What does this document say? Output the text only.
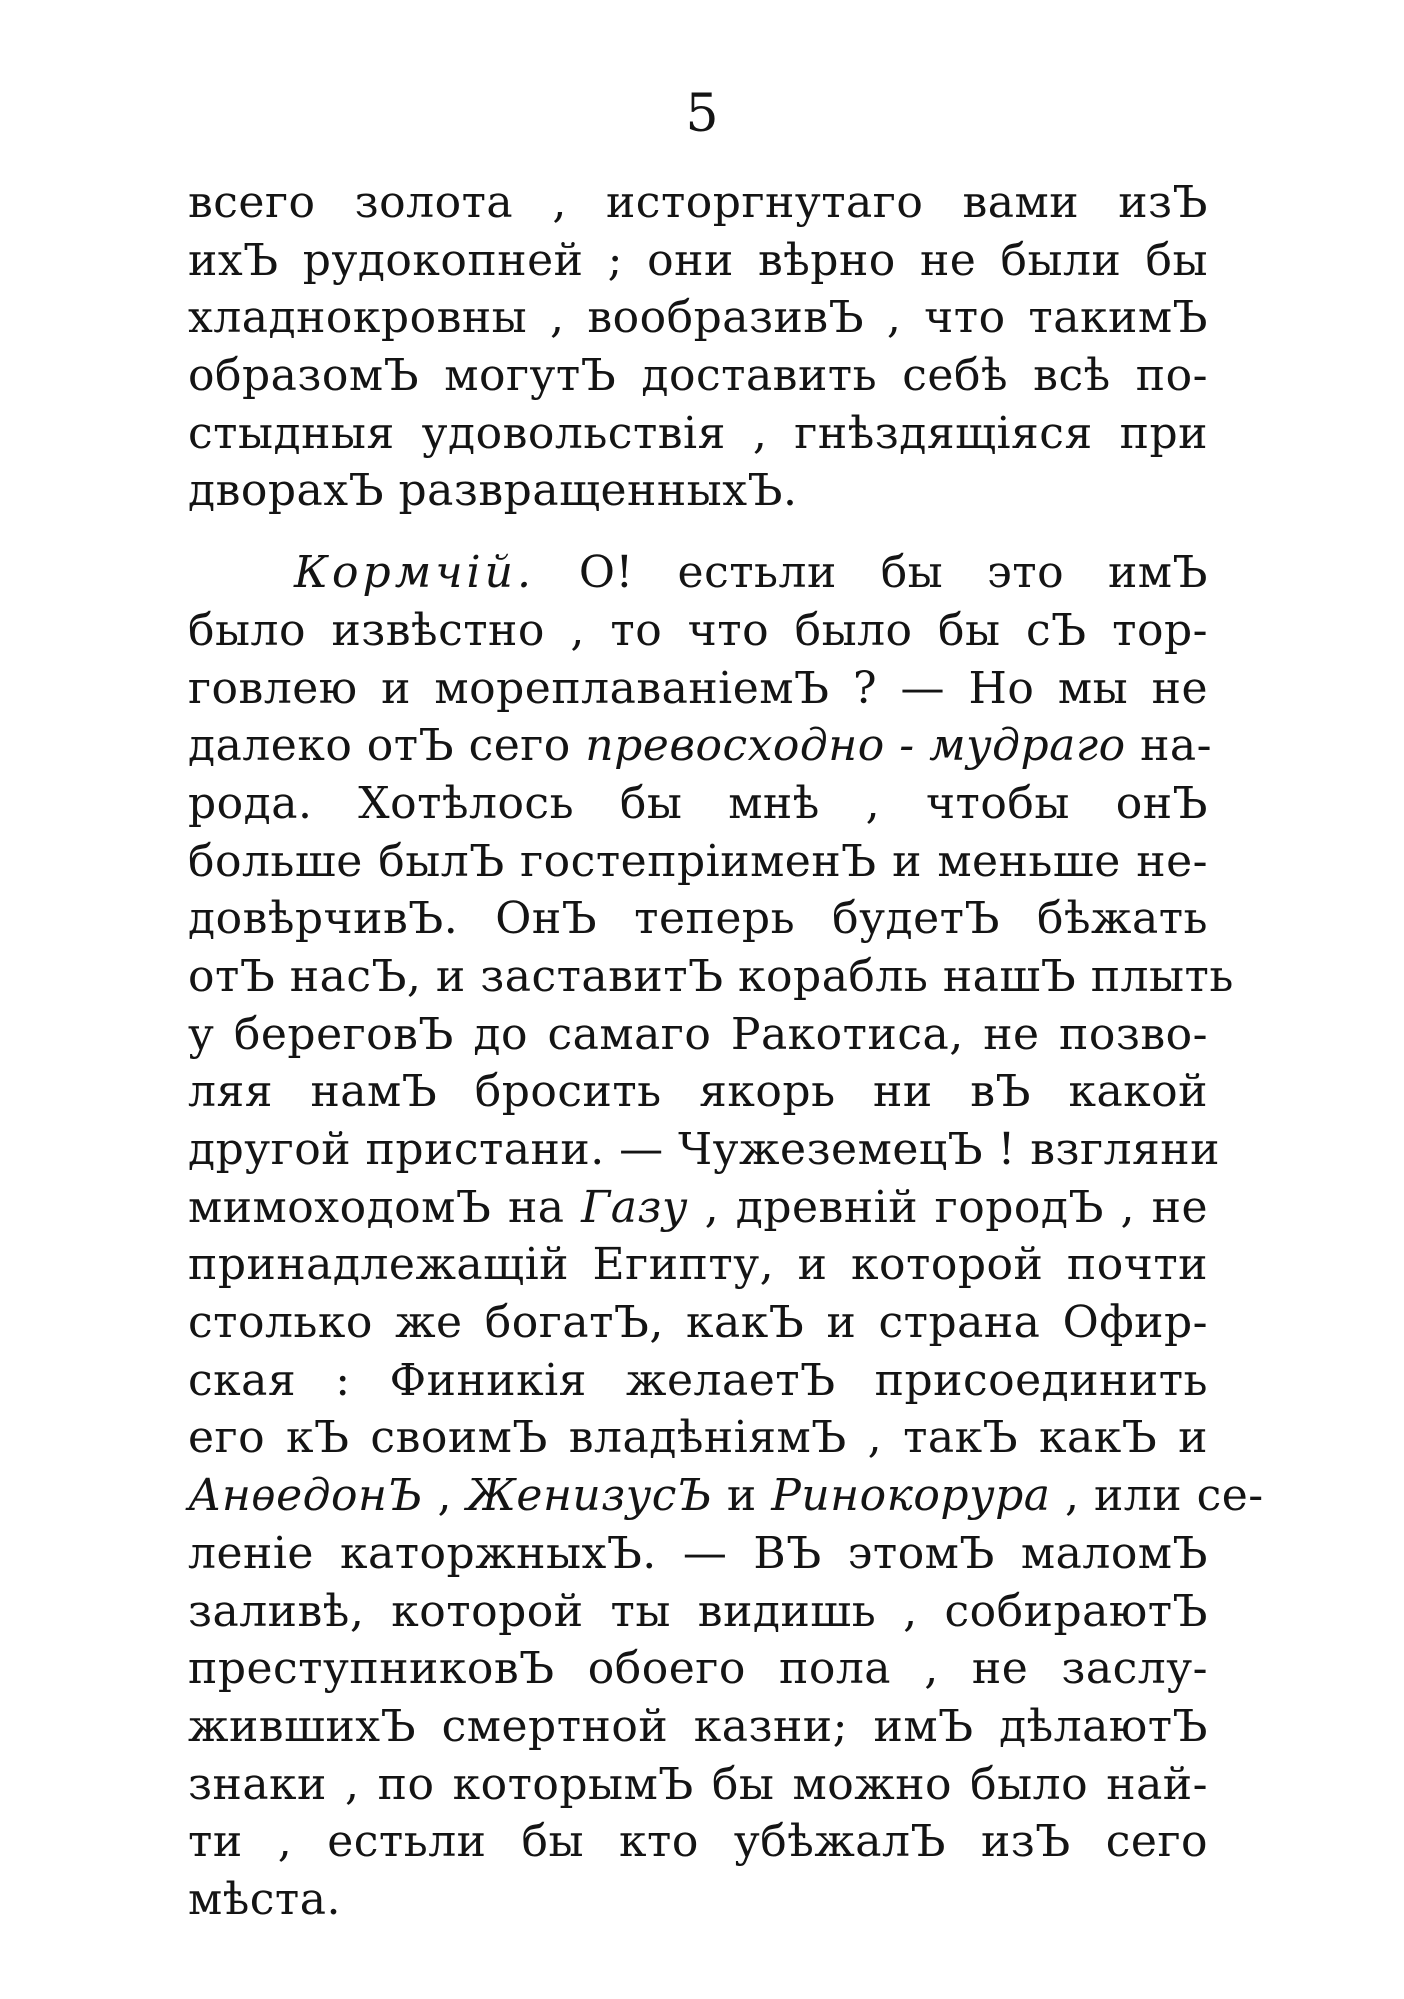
5
всего золота , исторгнутаго вами изЪ
ихЪ рудокопней ; они вѣрно не были бы
хладнокровны , вообразивЪ , что такимЪ
образомЪ могутЪ доставить себѣ всѣ по-
стыдныя удовольствія , гнѣздящіяся при
дворахЪ развращенныхЪ.
Кормчій. О! естьли бы это имЪ
было извѣстно , то что было бы сЪ тор-
говлею и мореплаваніемЪ ? — Но мы не
далеко отЪ сего превосходно - мудраго на-
рода. Хотѣлось бы мнѣ , чтобы онЪ
больше былЪ гостепріименЪ и меньше не-
довѣрчивЪ. ОнЪ теперь будетЪ бѣжать
отЪ насЪ, и заставитЪ корабль нашЪ плыть
у береговЪ до самаго Ракотиса, не позво-
ляя намЪ бросить якорь ни вЪ какой
другой пристани. — ЧужеземецЪ ! взгляни
мимоходомЪ на Газу , древній городЪ , не
принадлежащій Египту, и которой почти
столько же богатЪ, какЪ и страна Офир-
ская : Финикія желаетЪ присоединить
его кЪ своимЪ владѣніямЪ , такЪ какЪ и
АнѳедонЪ , ЖенизусЪ и Ринокорура , или се-
леніе каторжныхЪ. — ВЪ этомЪ маломЪ
заливѣ, которой ты видишь , собираютЪ
преступниковЪ обоего пола , не заслу-
жившихЪ смертной казни; имЪ дѣлаютЪ
знаки , по которымЪ бы можно было най-
ти , естьли бы кто убѣжалЪ изЪ сего
мѣста.
